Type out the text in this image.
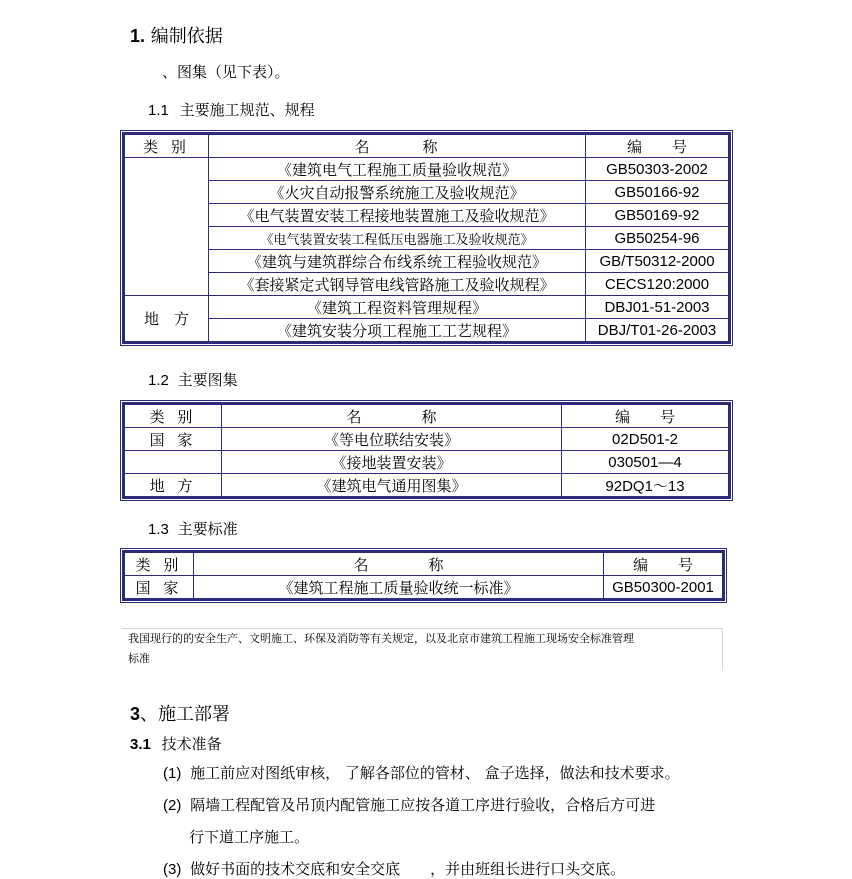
1. 编制依据
、图集（见下表）。
1.1 主要施工规范、规程
类 别	名　　　称	编　　号
	《建筑电气工程施工质量验收规范》	GB50303-2002
	《火灾自动报警系统施工及验收规范》	GB50166-92
	《电气装置安装工程接地装置施工及验收规范》	GB50169-92
	《电气装置安装工程低压电器施工及验收规范》	GB50254-96
	《建筑与建筑群综合布线系统工程验收规范》	GB/T50312-2000
	《套接紧定式钢导管电线管路施工及验收规程》	CECS120:2000
地　方	《建筑工程资料管理规程》	DBJ01-51-2003
	《建筑安装分项工程施工工艺规程》	DBJ/T01-26-2003
1.2 主要图集
类 别	名　　　　称	编　　号
国 家	《等电位联结安装》	02D501-2
	《接地装置安装》	030501—4
地 方	《建筑电气通用图集》	92DQ1～13
1.3 主要标准
类 别	名　　　　称	编　　号
国 家	《建筑工程施工质量验收统一标准》	GB50300-2001
我国现行的的安全生产、文明施工、环保及消防等有关规定，以及北京市建筑工程施工现场安全标准管理
标准
3、施工部署
3.1 技术准备
(1) 施工前应对图纸审核， 了解各部位的管材、 盒子选择，做法和技术要求。
(2) 隔墙工程配管及吊顶内配管施工应按各道工序进行验收，合格后方可进
行下道工序施工。
(3) 做好书面的技术交底和安全交底　　，并由班组长进行口头交底。
